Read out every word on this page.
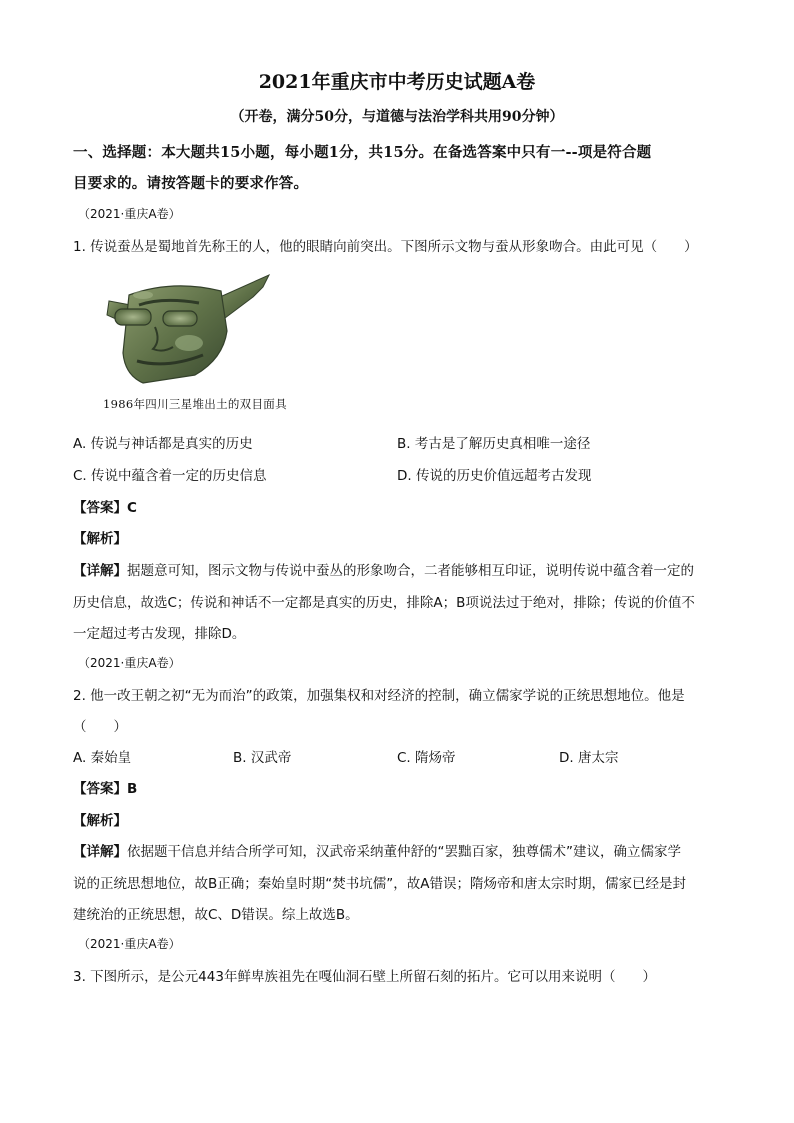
2021年重庆市中考历史试题A卷
（开卷，满分50分，与道德与法治学科共用90分钟）
一、选择题：本大题共15小题，每小题1分，共15分。在备选答案中只有一--项是符合题
目要求的。请按答题卡的要求作答。
（2021·重庆A卷）
1. 传说蚕丛是蜀地首先称王的人，他的眼睛向前突出。下图所示文物与蚕从形象吻合。由此可见（　　）
1986年四川三星堆出土的双目面具
A. 传说与神话都是真实的历史	B. 考古是了解历史真相唯一途径
C. 传说中蕴含着一定的历史信息	D. 传说的历史价值远超考古发现
【答案】C
【解析】
【详解】据题意可知，图示文物与传说中蚕丛的形象吻合，二者能够相互印证，说明传说中蕴含着一定的
历史信息，故选C；传说和神话不一定都是真实的历史，排除A；B项说法过于绝对，排除；传说的价值不
一定超过考古发现，排除D。
（2021·重庆A卷）
2. 他一改王朝之初“无为而治”的政策，加强集权和对经济的控制，确立儒家学说的正统思想地位。他是
（　　）
A. 秦始皇	B. 汉武帝	C. 隋炀帝	D. 唐太宗
【答案】B
【解析】
【详解】依据题干信息并结合所学可知，汉武帝采纳董仲舒的“罢黜百家，独尊儒术”建议，确立儒家学
说的正统思想地位，故B正确；秦始皇时期“焚书坑儒”，故A错误；隋炀帝和唐太宗时期，儒家已经是封
建统治的正统思想，故C、D错误。综上故选B。
（2021·重庆A卷）
3. 下图所示，是公元443年鲜卑族祖先在嘎仙洞石壁上所留石刻的拓片。它可以用来说明（　　）
